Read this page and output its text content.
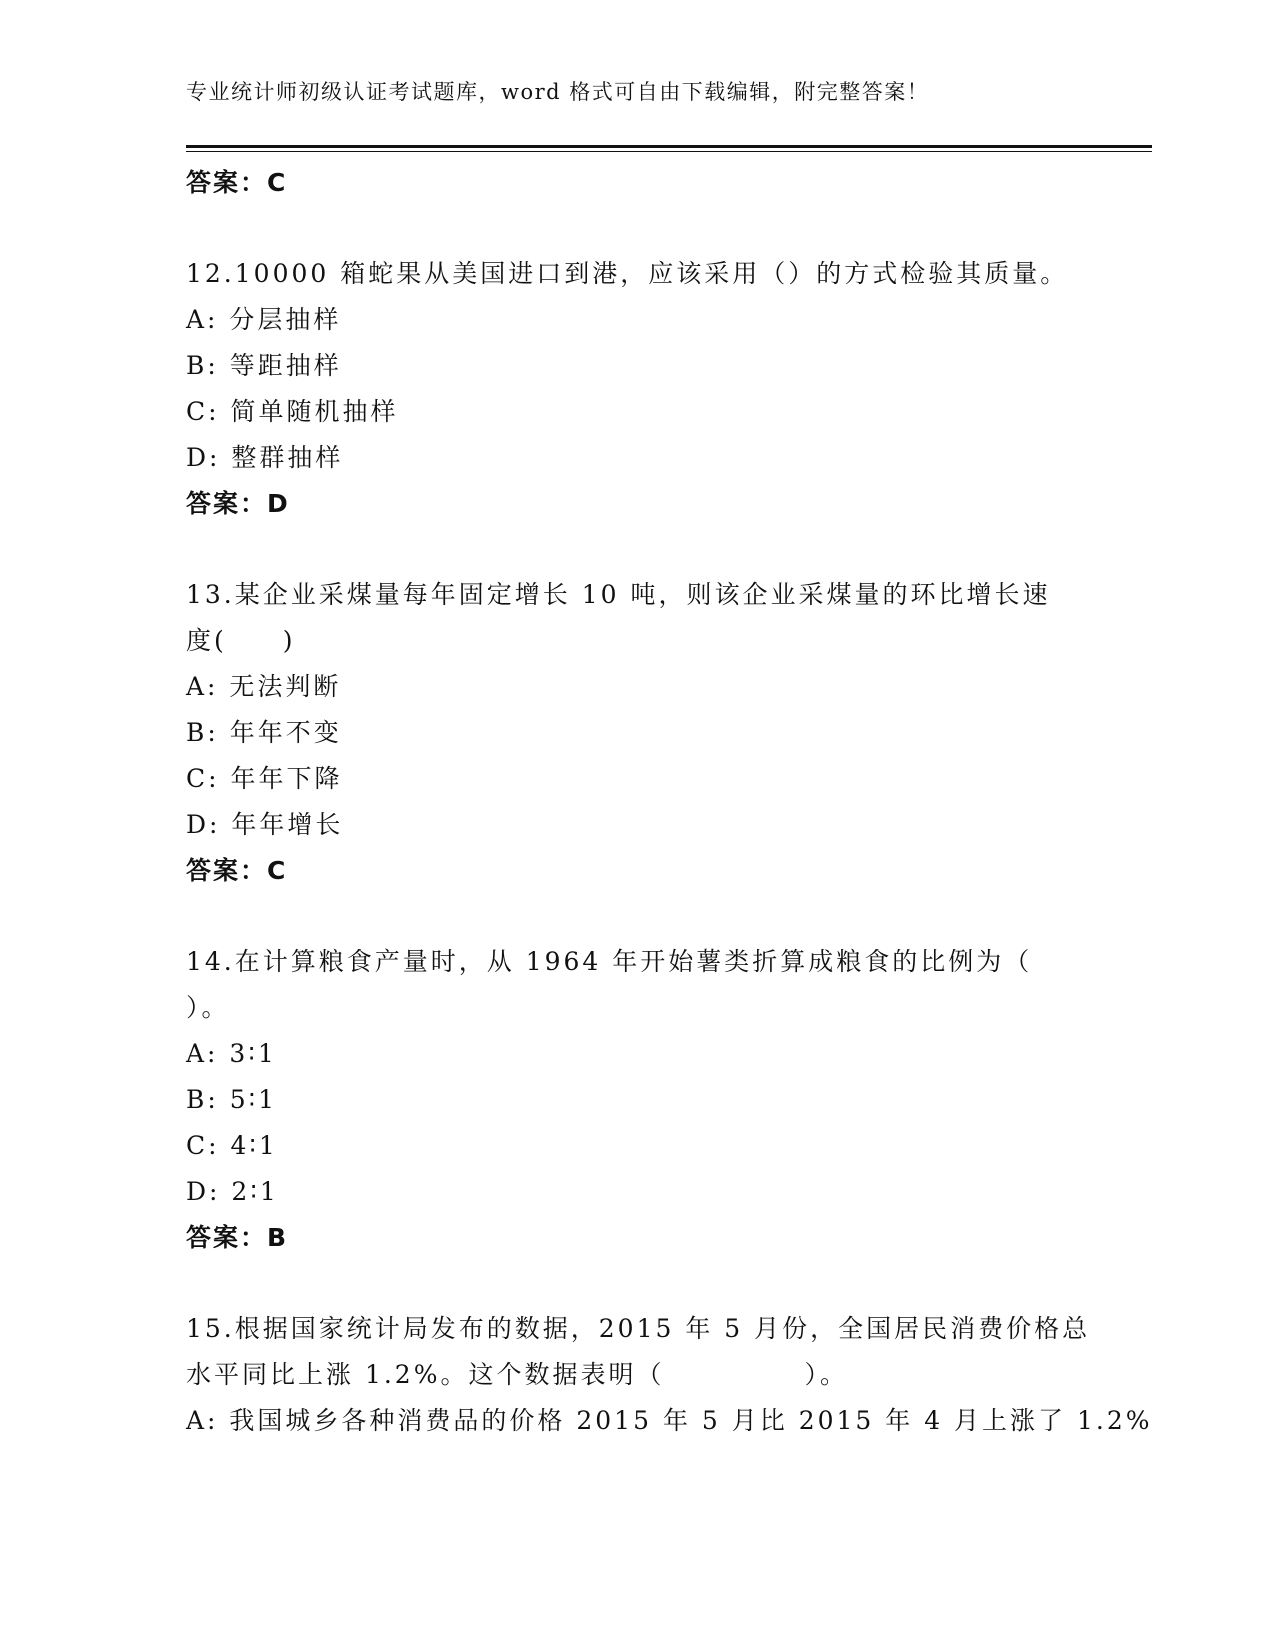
专业统计师初级认证考试题库，word 格式可自由下载编辑，附完整答案！
答案：C
12.10000 箱蛇果从美国进口到港，应该采用（）的方式检验其质量。
A: 分层抽样
B: 等距抽样
C: 简单随机抽样
D: 整群抽样
答案：D
13.某企业采煤量每年固定增长 10 吨，则该企业采煤量的环比增长速
度(　　)
A: 无法判断
B: 年年不变
C: 年年下降
D: 年年增长
答案：C
14.在计算粮食产量时，从 1964 年开始薯类折算成粮食的比例为（
）。
A: 3∶1
B: 5∶1
C: 4∶1
D: 2∶1
答案：B
15.根据国家统计局发布的数据，2015 年 5 月份，全国居民消费价格总
水平同比上涨 1.2%。这个数据表明（　　　　　）。
A: 我国城乡各种消费品的价格 2015 年 5 月比 2015 年 4 月上涨了 1.2%
